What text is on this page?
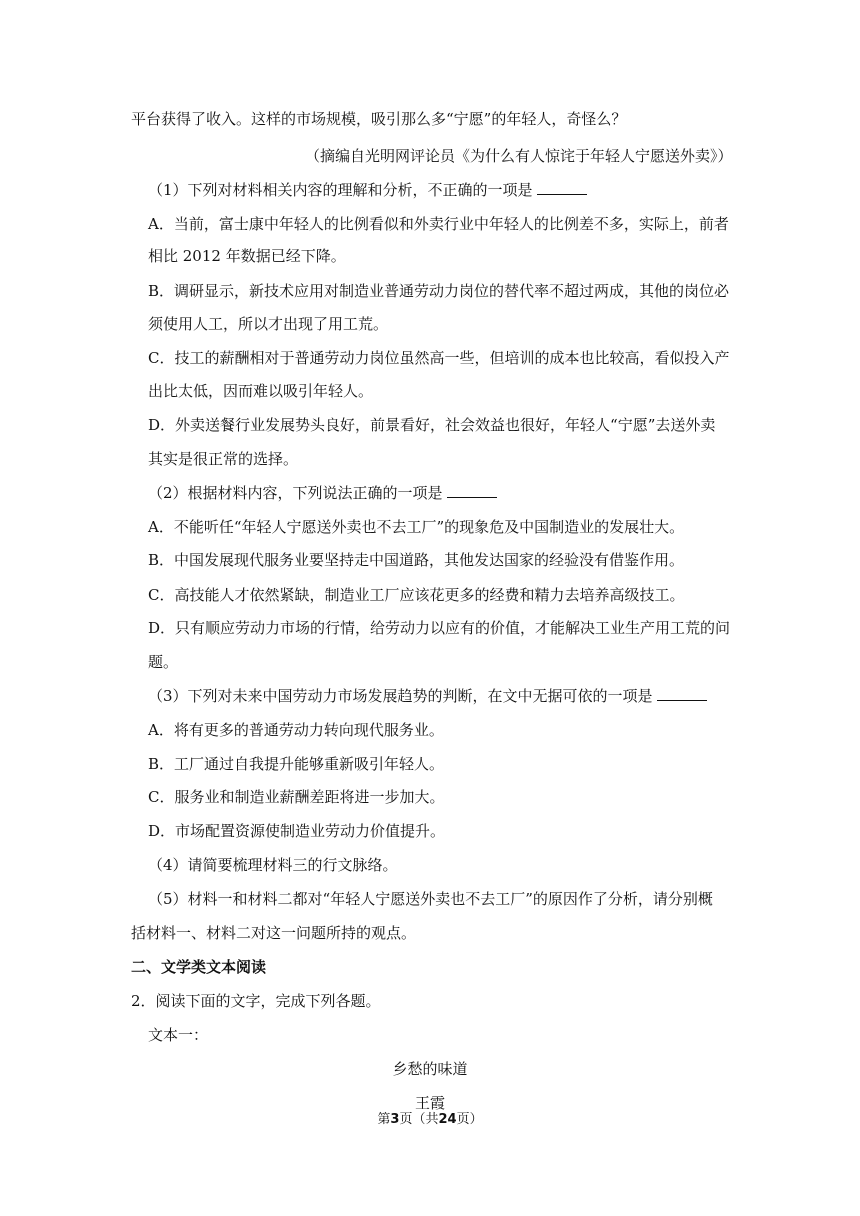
平台获得了收入。这样的市场规模，吸引那么多“宁愿”的年轻人，奇怪么？
（摘编自光明网评论员《为什么有人惊诧于年轻人宁愿送外卖》）
（1）下列对材料相关内容的理解和分析，不正确的一项是
A．当前，富士康中年轻人的比例看似和外卖行业中年轻人的比例差不多，实际上，前者
相比 2012 年数据已经下降。
B．调研显示，新技术应用对制造业普通劳动力岗位的替代率不超过两成，其他的岗位必
须使用人工，所以才出现了用工荒。
C．技工的薪酬相对于普通劳动力岗位虽然高一些，但培训的成本也比较高，看似投入产
出比太低，因而难以吸引年轻人。
D．外卖送餐行业发展势头良好，前景看好，社会效益也很好，年轻人“宁愿”去送外卖
其实是很正常的选择。
（2）根据材料内容，下列说法正确的一项是
A．不能听任“年轻人宁愿送外卖也不去工厂”的现象危及中国制造业的发展壮大。
B．中国发展现代服务业要坚持走中国道路，其他发达国家的经验没有借鉴作用。
C．高技能人才依然紧缺，制造业工厂应该花更多的经费和精力去培养高级技工。
D．只有顺应劳动力市场的行情，给劳动力以应有的价值，才能解决工业生产用工荒的问
题。
（3）下列对未来中国劳动力市场发展趋势的判断，在文中无据可依的一项是
A．将有更多的普通劳动力转向现代服务业。
B．工厂通过自我提升能够重新吸引年轻人。
C．服务业和制造业薪酬差距将进一步加大。
D．市场配置资源使制造业劳动力价值提升。
（4）请简要梳理材料三的行文脉络。
（5）材料一和材料二都对“年轻人宁愿送外卖也不去工厂”的原因作了分析，请分别概
括材料一、材料二对这一问题所持的观点。
二、文学类文本阅读
2．阅读下面的文字，完成下列各题。
文本一：
乡愁的味道
王霞
第3页（共24页）
